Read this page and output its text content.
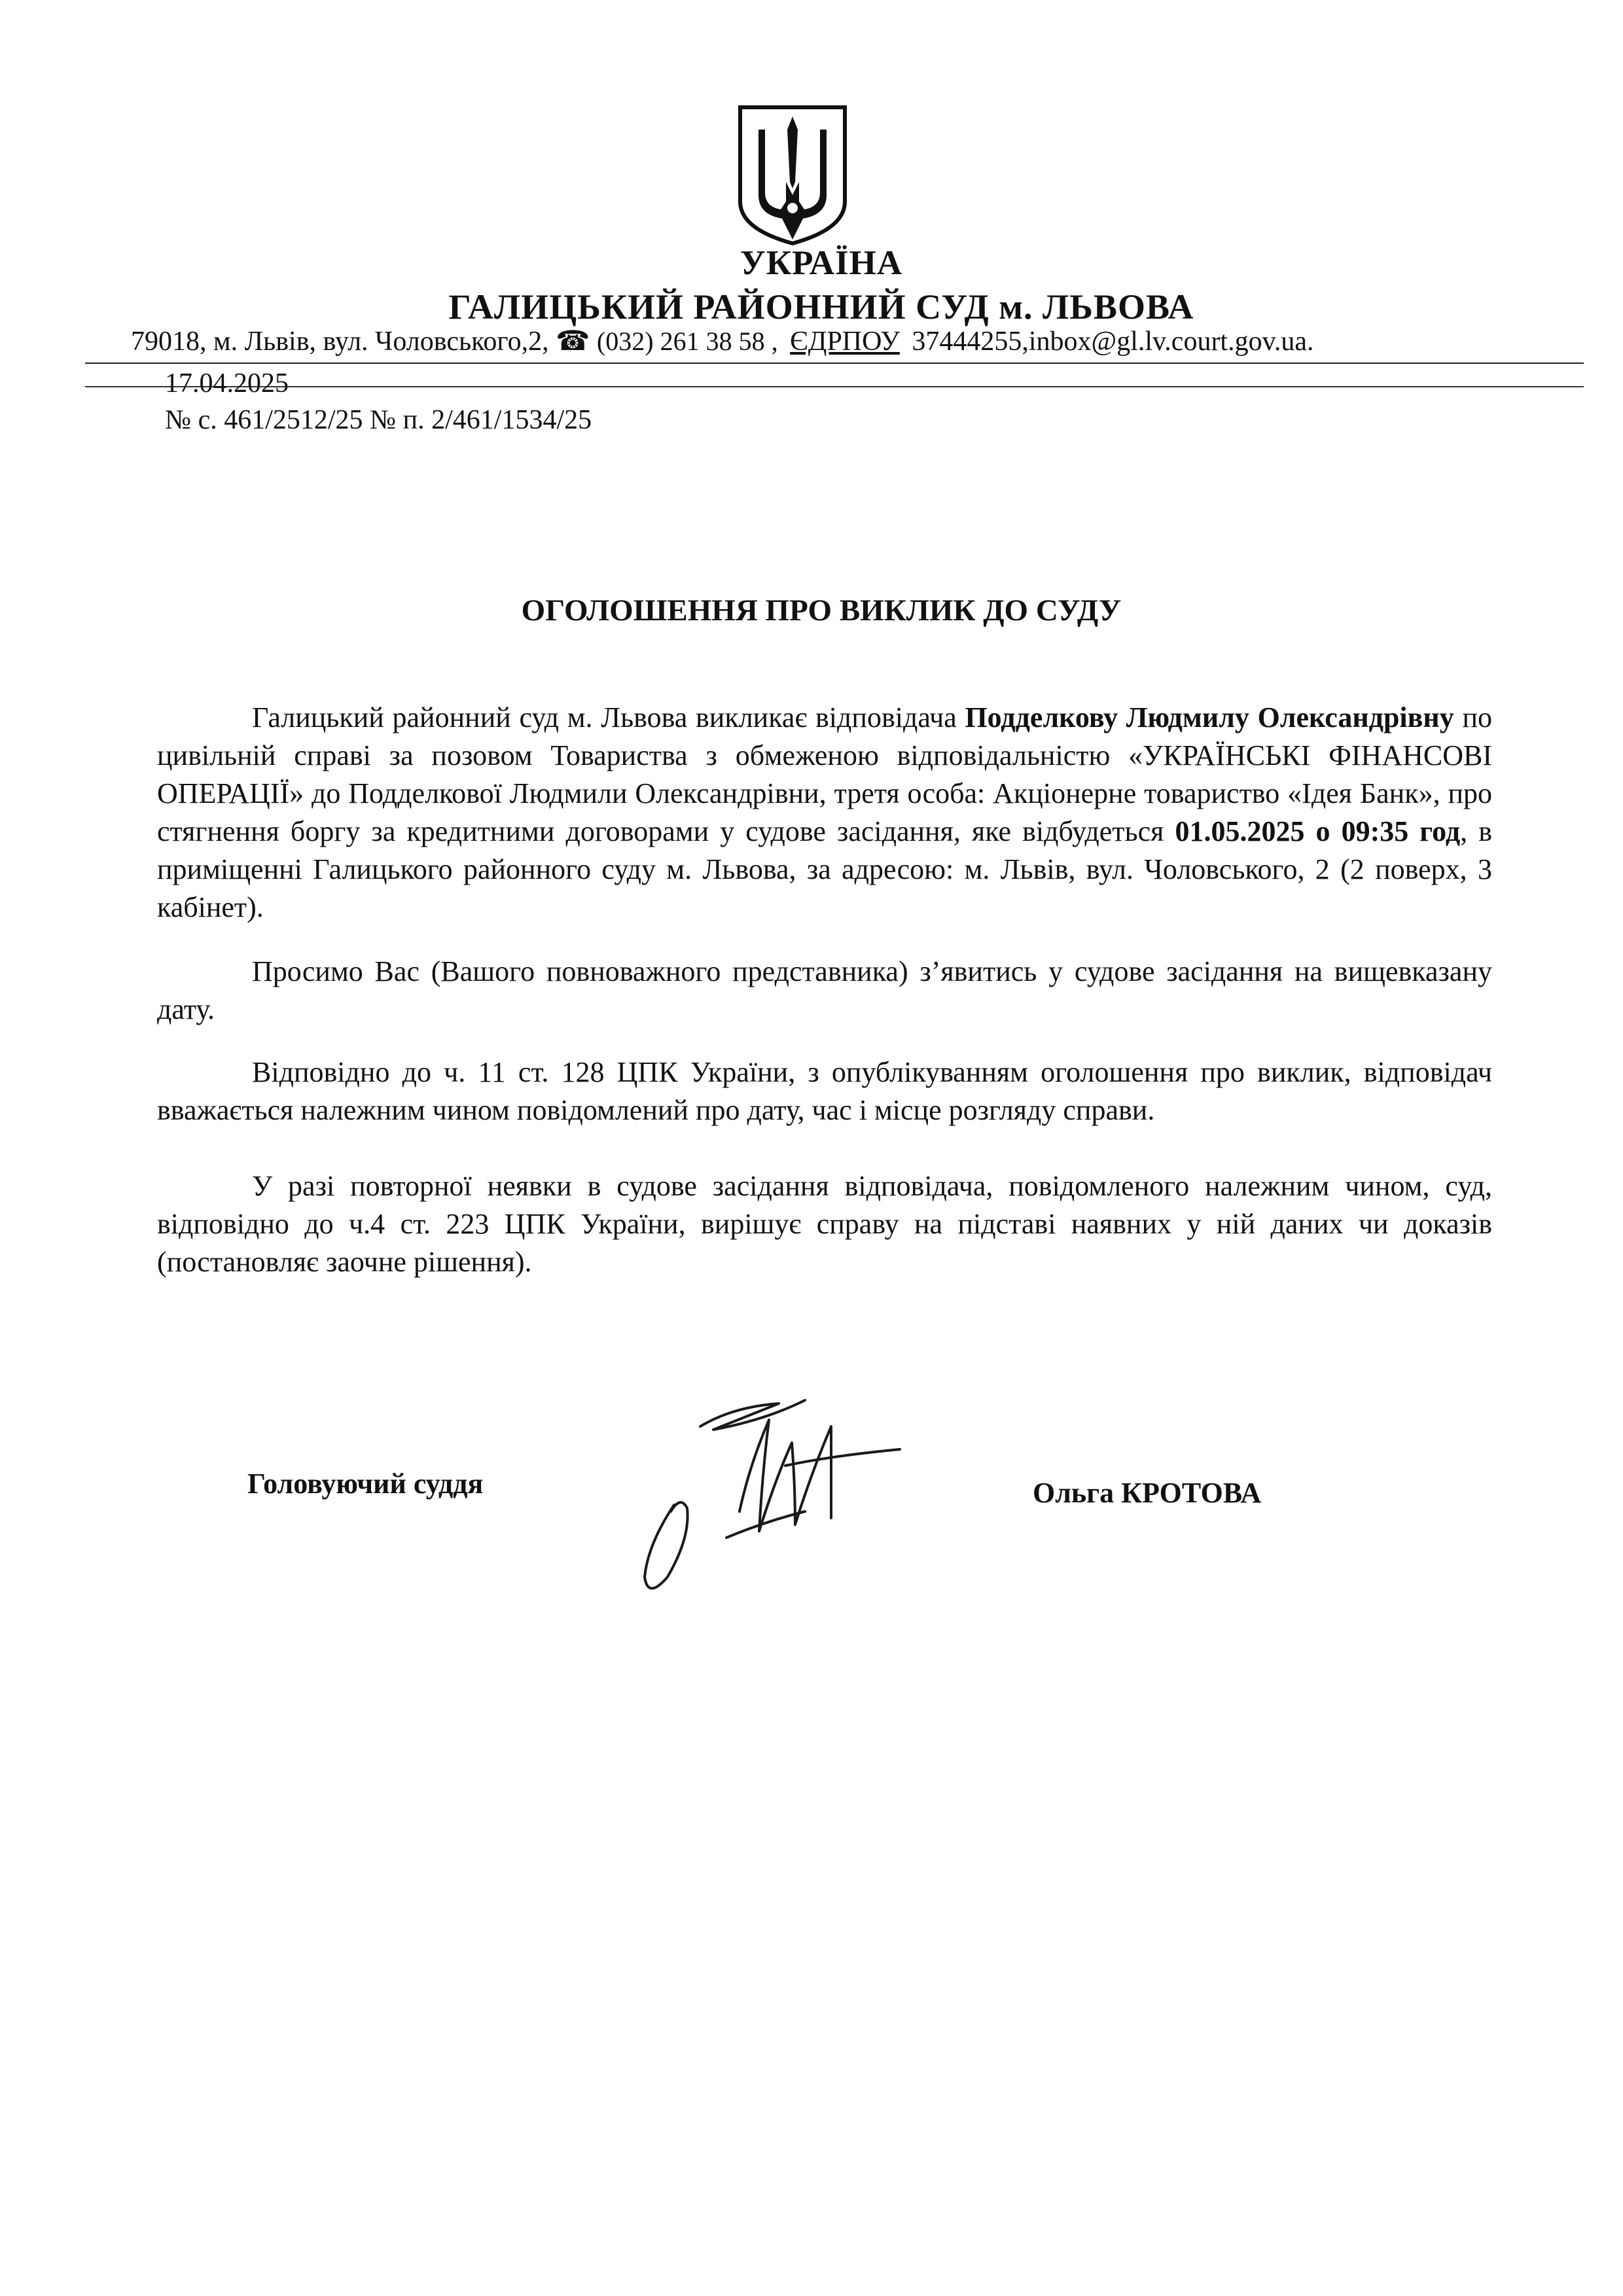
УКРАЇНА
ГАЛИЦЬКИЙ РАЙОННИЙ СУД м. ЛЬВОВА
79018, м. Львів, вул. Чоловського,2, ☎ (032) 261 38 58 , ЄДРПОУ 37444255,inbox@gl.lv.court.gov.ua.
17.04.2025
№ с. 461/2512/25 № п. 2/461/1534/25
ОГОЛОШЕННЯ ПРО ВИКЛИК ДО СУДУ
Галицький районний суд м. Львова викликає відповідача Подделкову Людмилу Олександрівну по цивільній справі за позовом Товариства з обмеженою відповідальністю «УКРАЇНСЬКІ ФІНАНСОВІ ОПЕРАЦІЇ» до Подделкової Людмили Олександрівни, третя особа: Акціонерне товариство «Ідея Банк», про стягнення боргу за кредитними договорами у судове засідання, яке відбудеться 01.05.2025 о 09:35 год, в приміщенні Галицького районного суду м. Львова, за адресою: м. Львів, вул. Чоловського, 2 (2 поверх, 3 кабінет).
Просимо Вас (Вашого повноважного представника) з’явитись у судове засідання на вищевказану дату.
Відповідно до ч. 11 ст. 128 ЦПК України, з опублікуванням оголошення про виклик, відповідач вважається належним чином повідомлений про дату, час і місце розгляду справи.
У разі повторної неявки в судове засідання відповідача, повідомленого належним чином, суд, відповідно до ч.4 ст. 223 ЦПК України, вирішує справу на підставі наявних у ній даних чи доказів (постановляє заочне рішення).
Головуючий суддя	Ольга КРОТОВА
